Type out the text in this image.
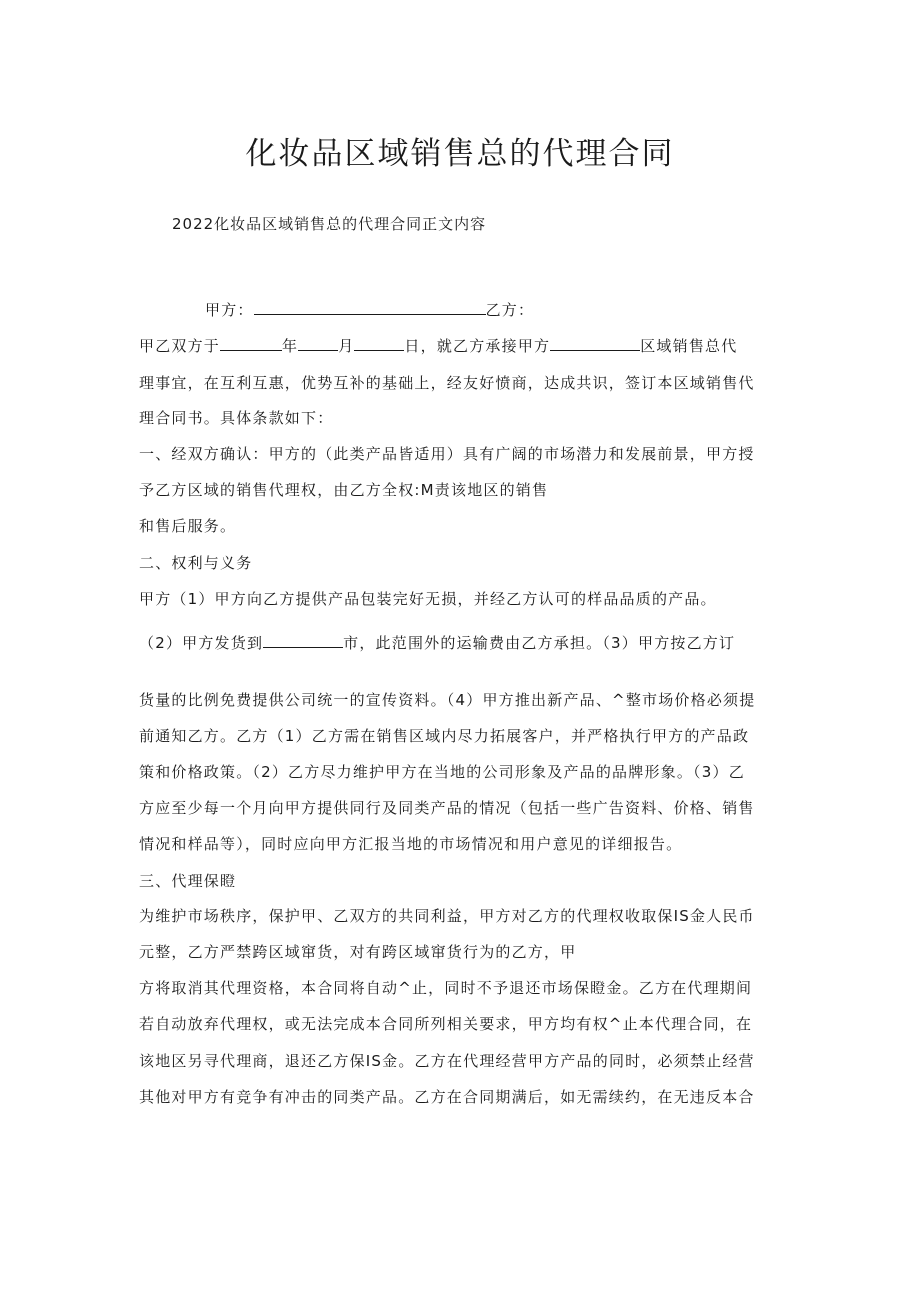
化妆品区域销售总的代理合同
2022化妆品区域销售总的代理合同正文内容
甲方：	乙方：
甲乙双方于	年	月	日，就乙方承接甲方	区域销售总代
理事宜，在互利互惠，优势互补的基础上，经友好愤商，达成共识，签订本区域销售代
理合同书。具体条款如下：
一、经双方确认：甲方的（此类产品皆适用）具有广阔的市场潜力和发展前景，甲方授
予乙方区域的销售代理权，由乙方全权:M责该地区的销售
和售后服务。
二、权利与义务
甲方（1）甲方向乙方提供产品包装完好无损，并经乙方认可的样品品质的产品。
（2）甲方发货到	市，此范围外的运输费由乙方承担。（3）甲方按乙方订
货量的比例免费提供公司统一的宣传资料。（4）甲方推出新产品、^整市场价格必须提
前通知乙方。乙方（1）乙方需在销售区域内尽力拓展客户，并严格执行甲方的产品政
策和价格政策。（2）乙方尽力维护甲方在当地的公司形象及产品的品牌形象。（3）乙
方应至少每一个月向甲方提供同行及同类产品的情况（包括一些广告资料、价格、销售
情况和样品等），同时应向甲方汇报当地的市场情况和用户意见的详细报告。
三、代理保瞪
为维护市场秩序，保护甲、乙双方的共同利益，甲方对乙方的代理权收取保IS金人民币
元整，乙方严禁跨区域窜货，对有跨区域窜货行为的乙方，甲
方将取消其代理资格，本合同将自动^止，同时不予退还市场保瞪金。乙方在代理期间
若自动放弃代理权，或无法完成本合同所列相关要求，甲方均有权^止本代理合同，在
该地区另寻代理商，退还乙方保IS金。乙方在代理经营甲方产品的同时，必须禁止经营
其他对甲方有竞争有冲击的同类产品。乙方在合同期满后，如无需续约，在无违反本合
